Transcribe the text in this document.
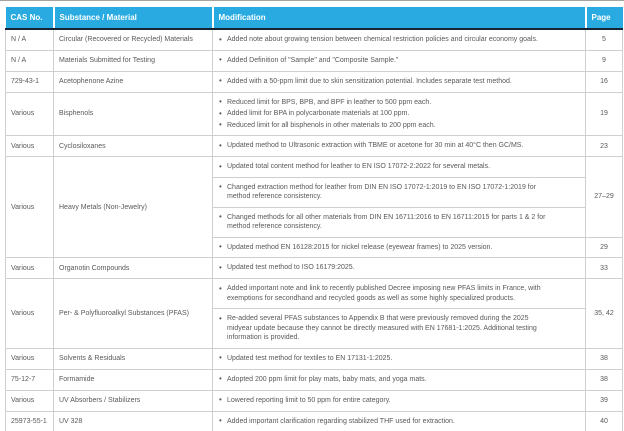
CAS No.	Substance / Material	Modification	Page
N / A	Circular (Recovered or Recycled) Materials	• Added note about growing tension between chemical restriction policies and circular economy goals.	5
N / A	Materials Submitted for Testing	• Added Definition of "Sample" and "Composite Sample."	9
729-43-1	Acetophenone Azine	• Added with a 50-ppm limit due to skin sensitization potential. Includes separate test method.	16
Various	Bisphenols	• Reduced limit for BPS, BPB, and BPF in leather to 500 ppm each.
• Added limit for BPA in polycarbonate materials at 100 ppm.
• Reduced limit for all bisphenols in other materials to 200 ppm each.	19
Various	Cyclosiloxanes	• Updated method to Ultrasonic extraction with TBME or acetone for 30 min at 40°C then GC/MS.	23
Various	Heavy Metals (Non-Jewelry)	• Updated total content method for leather to EN ISO 17072-2:2022 for several metals.	27–29

		• Changed extraction method for leather from DIN EN ISO 17072-1:2019 to EN ISO 17072-1:2019 for method reference consistency.

		• Changed methods for all other materials from DIN EN 16711:2016 to EN 16711:2015 for parts 1 & 2 for method reference consistency.

		• Updated method EN 16128:2015 for nickel release (eyewear frames) to 2025 version.	29
Various	Organotin Compounds	• Updated test method to ISO 16179:2025.	33
Various	Per- & Polyfluoroalkyl Substances (PFAS)	• Added important note and link to recently published Decree imposing new PFAS limits in France, with exemptions for secondhand and recycled goods as well as some highly specialized products.	35, 42

		• Re-added several PFAS substances to Appendix B that were previously removed during the 2025 midyear update because they cannot be directly measured with EN 17681-1:2025. Additional testing information is provided.

Various	Solvents & Residuals	• Updated test method for textiles to EN 17131-1:2025.	38
75-12-7	Formamide	• Adopted 200 ppm limit for play mats, baby mats, and yoga mats.	38
Various	UV Absorbers / Stabilizers	• Lowered reporting limit to 50 ppm for entire category.	39
25973-55-1	UV 328	• Added important clarification regarding stabilized THF used for extraction.	40
